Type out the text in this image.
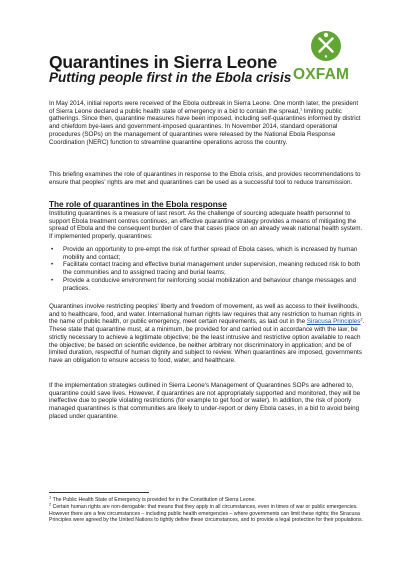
Quarantines in Sierra Leone
Putting people first in the Ebola crisis OXFAM
In May 2014, initial reports were received of the Ebola outbreak in Sierra Leone. One month later, the president of Sierra Leone declared a public health state of emergency in a bid to contain the spread,$^1$ limiting public gatherings. Since then, quarantine measures have been imposed, including self-quarantines informed by district and chiefdom bye-laws and government-imposed quarantines. In November 2014, standard operational procedures (SOPs) on the management of quarantines were released by the National Ebola Response Coordination (NERC) function to streamline quarantine operations across the country.
This briefing examines the role of quarantines in response to the Ebola crisis, and provides recommendations to ensure that peoples' rights are met and quarantines can be used as a successful tool to reduce transmission.
The role of quarantines in the Ebola response
Instituting quarantines is a measure of last resort. As the challenge of sourcing adequate health personnel to support Ebola treatment centres continues, an effective quarantine strategy provides a means of mitigating the spread of Ebola and the consequent burden of care that cases place on an already weak national health system. If implemented properly, quarantines:
• Provide an opportunity to pre-empt the risk of further spread of Ebola cases, which is increased by human mobility and contact;
• Facilitate contact tracing and effective burial management under supervision, meaning reduced risk to both the communities and to assigned tracing and burial teams;
• Provide a conducive environment for reinforcing social mobilization and behaviour change messages and practices.
Quarantines involve restricting peoples' liberty and freedom of movement, as well as access to their livelihoods, and to healthcare, food, and water. International human rights law requires that any restriction to human rights in the name of public health, or public emergency, meet certain requirements, as laid out in the Siracusa Principles$^2$. These state that quarantine must, at a minimum, be provided for and carried out in accordance with the law; be strictly necessary to achieve a legitimate objective; be the least intrusive and restrictive option available to reach the objective; be based on scientific evidence, be neither arbitrary nor discriminatory in application; and be of limited duration, respectful of human dignity and subject to review. When quarantines are imposed, governments have an obligation to ensure access to food, water, and healthcare.
If the implementation strategies outlined in Sierra Leone's Management of Quarantines SOPs are adhered to, quarantine could save lives. However, if quarantines are not appropriately supported and monitored, they will be ineffective due to people violating restrictions (for example to get food or water). In addition, the risk of poorly managed quarantines is that communities are likely to under-report or deny Ebola cases, in a bid to avoid being placed under quarantine.
$^1$ The Public Health State of Emergency is provided for in the Constitution of Sierra Leone.
$^2$ Certain human rights are non-derogable: that means that they apply in all circumstances, even in times of war or public emergencies. However there are a few circumstances – including public health emergencies – where governments can limit these rights; the Siracusa Principles were agreed by the United Nations to tightly define these circumstances, and to provide a legal protection for their populations.
